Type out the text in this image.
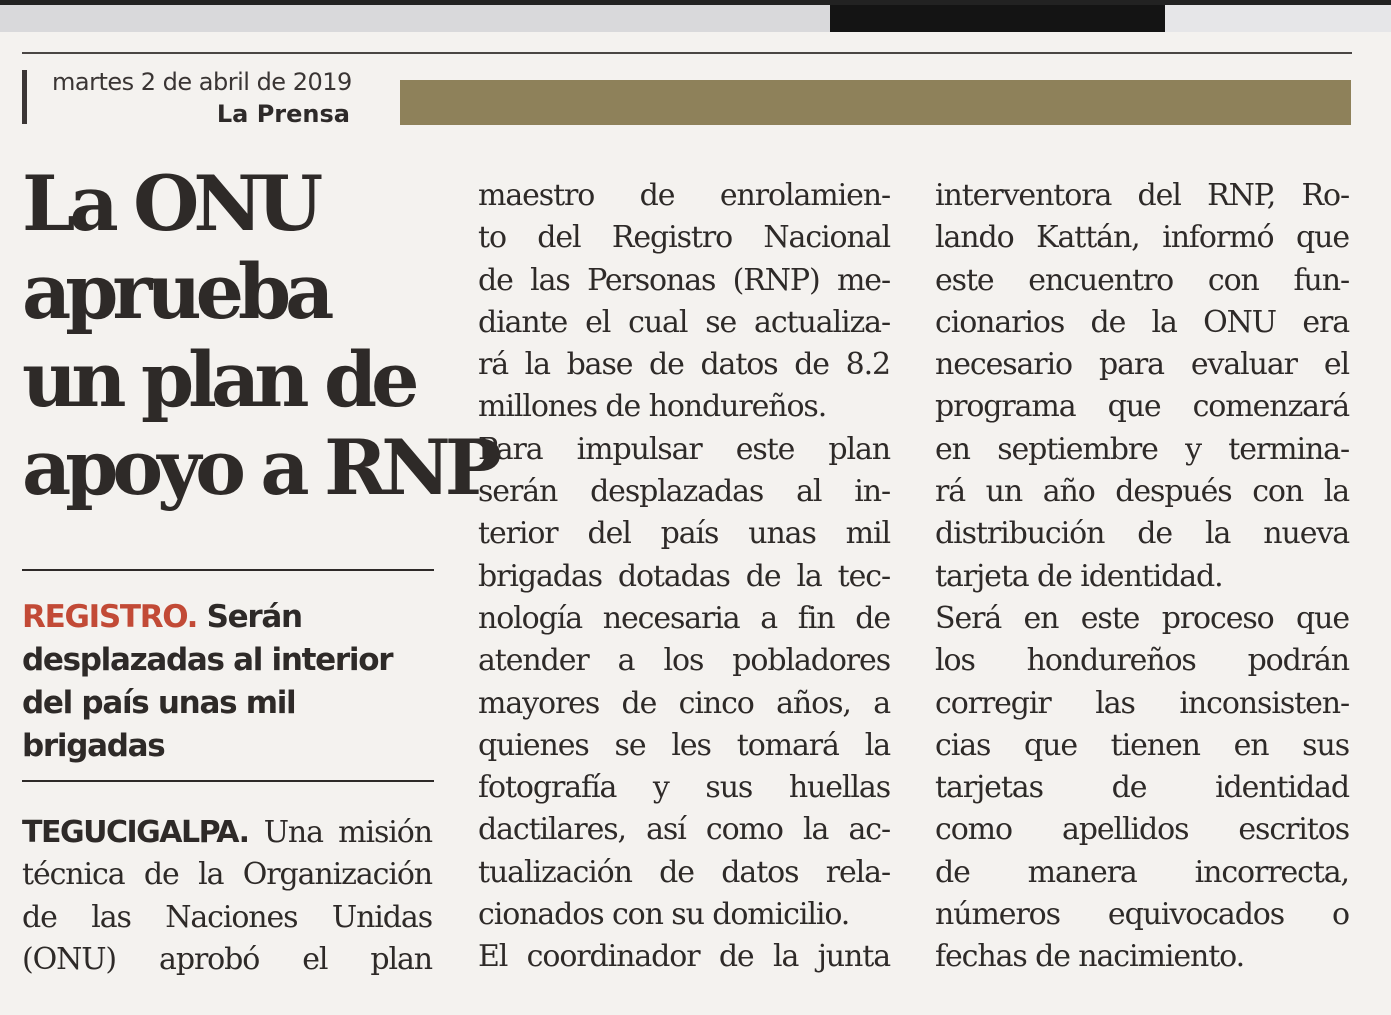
martes 2 de abril de 2019
La Prensa
La ONU
aprueba
un plan de
apoyo a RNP
REGISTRO. Serán desplazadas al interior del país unas mil brigadas
TEGUCIGALPA. Una misión
técnica de la Organización
de las Naciones Unidas
(ONU) aprobó el plan
maestro de enrolamien-
to del Registro Nacional
de las Personas (RNP) me-
diante el cual se actualiza-
rá la base de datos de 8.2
millones de hondureños.
Para impulsar este plan
serán desplazadas al in-
terior del país unas mil
brigadas dotadas de la tec-
nología necesaria a fin de
atender a los pobladores
mayores de cinco años, a
quienes se les tomará la
fotografía y sus huellas
dactilares, así como la ac-
tualización de datos rela-
cionados con su domicilio.
El coordinador de la junta
interventora del RNP, Ro-
lando Kattán, informó que
este encuentro con fun-
cionarios de la ONU era
necesario para evaluar el
programa que comenzará
en septiembre y termina-
rá un año después con la
distribución de la nueva
tarjeta de identidad.
Será en este proceso que
los hondureños podrán
corregir las inconsisten-
cias que tienen en sus
tarjetas de identidad
como apellidos escritos
de manera incorrecta,
números equivocados o
fechas de nacimiento.
